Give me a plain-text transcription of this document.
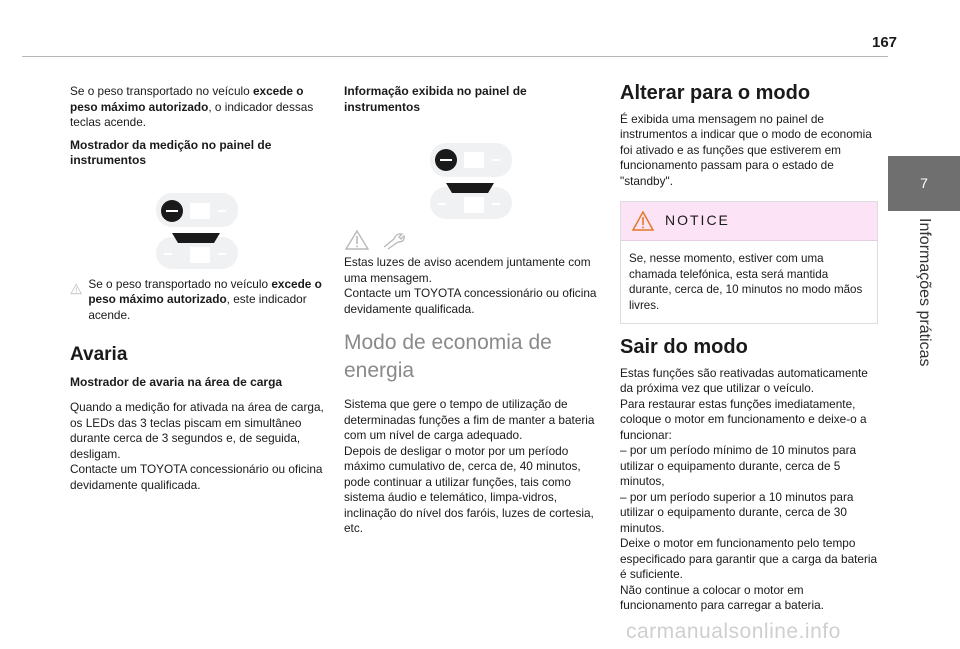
167
7
Informações práticas

Se o peso transportado no veículo excede o peso máximo autorizado, o indicador dessas teclas acende.

Mostrador da medição no painel de instrumentos

Se o peso transportado no veículo excede o peso máximo autorizado, este indicador acende.

Avaria
Mostrador de avaria na área de carga

Quando a medição for ativada na área de carga, os LEDs das 3 teclas piscam em simultâneo durante cerca de 3 segundos e, de seguida, desligam.

Contacte um TOYOTA concessionário ou oficina devidamente qualificada.

Informação exibida no painel de instrumentos

Estas luzes de aviso acendem juntamente com uma mensagem.

Contacte um TOYOTA concessionário ou oficina devidamente qualificada.

Modo de economia de energia

Sistema que gere o tempo de utilização de determinadas funções a fim de manter a bateria com um nível de carga adequado.

Depois de desligar o motor por um período máximo cumulativo de, cerca de, 40 minutos, pode continuar a utilizar funções, tais como sistema áudio e telemático, limpa-vidros, inclinação do nível dos faróis, luzes de cortesia, etc.

Alterar para o modo

É exibida uma mensagem no painel de instrumentos a indicar que o modo de economia foi ativado e as funções que estiverem em funcionamento passam para o estado de "standby".

NOTICE
Se, nesse momento, estiver com uma chamada telefónica, esta será mantida durante, cerca de, 10 minutos no modo mãos livres.
Sair do modo

Estas funções são reativadas automaticamente da próxima vez que utilizar o veículo.

Para restaurar estas funções imediatamente, coloque o motor em funcionamento e deixe-o a funcionar:

– por um período mínimo de 10 minutos para utilizar o equipamento durante, cerca de 5 minutos,

– por um período superior a 10 minutos para utilizar o equipamento durante, cerca de 30 minutos.

Deixe o motor em funcionamento pelo tempo especificado para garantir que a carga da bateria é suficiente.

Não continue a colocar o motor em funcionamento para carregar a bateria.

carmanualsonline.info
